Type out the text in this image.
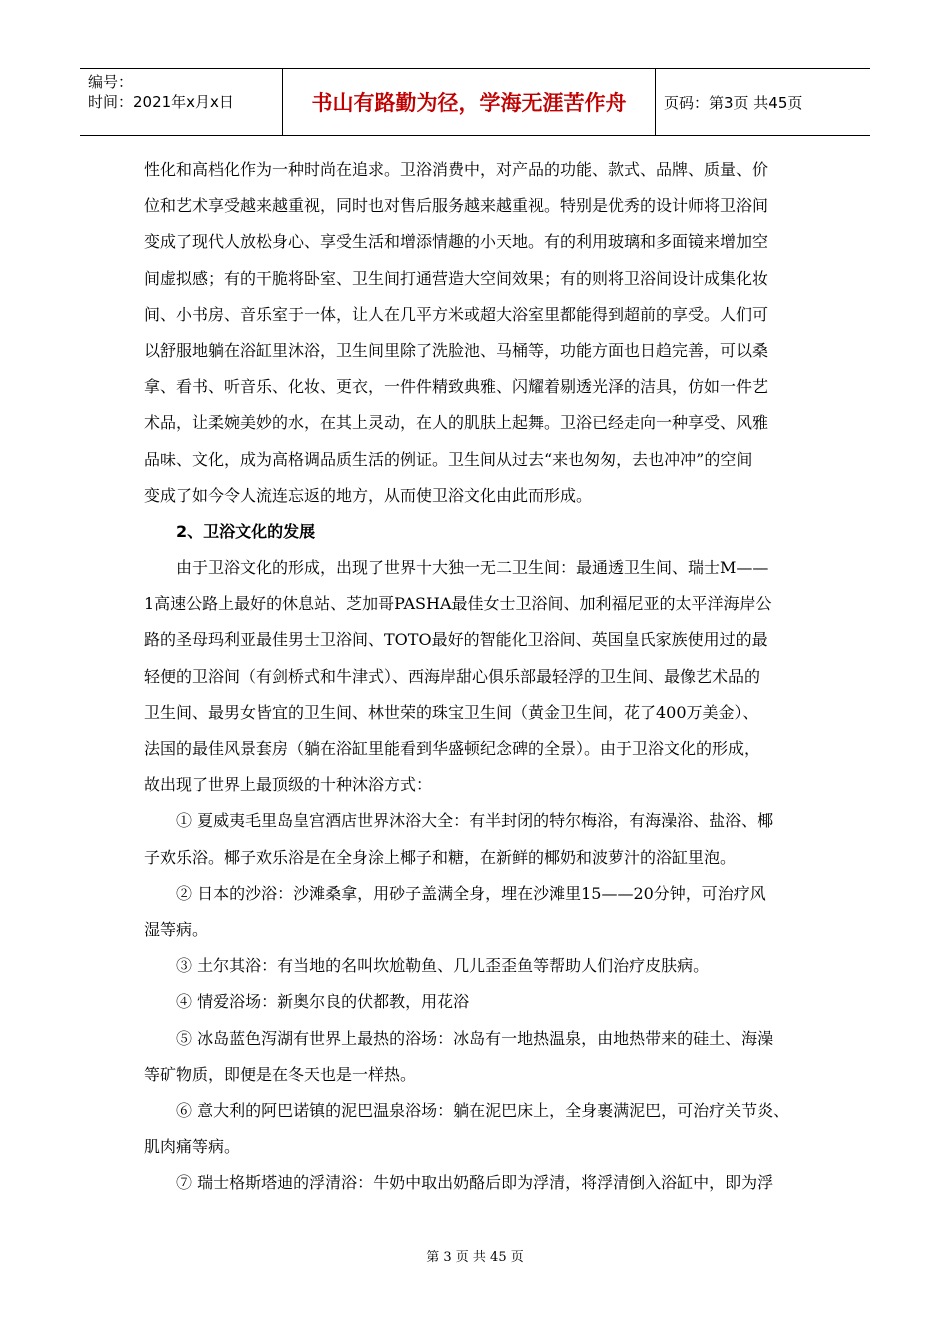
编号：
时间：2021年x月x日	书山有路勤为径，学海无涯苦作舟	页码：第3页 共45页
性化和高档化作为一种时尚在追求。卫浴消费中，对产品的功能、款式、品牌、质量、价
位和艺术享受越来越重视，同时也对售后服务越来越重视。特别是优秀的设计师将卫浴间
变成了现代人放松身心、享受生活和增添情趣的小天地。有的利用玻璃和多面镜来增加空
间虚拟感；有的干脆将卧室、卫生间打通营造大空间效果；有的则将卫浴间设计成集化妆
间、小书房、音乐室于一体，让人在几平方米或超大浴室里都能得到超前的享受。人们可
以舒服地躺在浴缸里沐浴，卫生间里除了洗脸池、马桶等，功能方面也日趋完善，可以桑
拿、看书、听音乐、化妆、更衣，一件件精致典雅、闪耀着剔透光泽的洁具，仿如一件艺
术品，让柔婉美妙的水，在其上灵动，在人的肌肤上起舞。卫浴已经走向一种享受、风雅
品味、文化，成为高格调品质生活的例证。卫生间从过去“来也匆匆，去也冲冲”的空间
变成了如今令人流连忘返的地方，从而使卫浴文化由此而形成。
2、卫浴文化的发展
由于卫浴文化的形成，出现了世界十大独一无二卫生间：最通透卫生间、瑞士M——
1高速公路上最好的休息站、芝加哥PASHA最佳女士卫浴间、加利福尼亚的太平洋海岸公
路的圣母玛利亚最佳男士卫浴间、TOTO最好的智能化卫浴间、英国皇氏家族使用过的最
轻便的卫浴间（有剑桥式和牛津式）、西海岸甜心俱乐部最轻浮的卫生间、最像艺术品的
卫生间、最男女皆宜的卫生间、林世荣的珠宝卫生间（黄金卫生间，花了400万美金）、
法国的最佳风景套房（躺在浴缸里能看到华盛顿纪念碑的全景）。由于卫浴文化的形成，
故出现了世界上最顶级的十种沐浴方式：
① 夏威夷毛里岛皇宫酒店世界沐浴大全：有半封闭的特尔梅浴，有海澡浴、盐浴、椰
子欢乐浴。椰子欢乐浴是在全身涂上椰子和糖，在新鲜的椰奶和波萝汁的浴缸里泡。
② 日本的沙浴：沙滩桑拿，用砂子盖满全身，埋在沙滩里15——20分钟，可治疗风
湿等病。
③ 土尔其浴：有当地的名叫坎尬勒鱼、几儿歪歪鱼等帮助人们治疗皮肤病。
④ 情爱浴场：新奥尔良的伏都教，用花浴
⑤ 冰岛蓝色泻湖有世界上最热的浴场：冰岛有一地热温泉，由地热带来的硅土、海澡
等矿物质，即便是在冬天也是一样热。
⑥ 意大利的阿巴诺镇的泥巴温泉浴场：躺在泥巴床上，全身裹满泥巴，可治疗关节炎、
肌肉痛等病。
⑦ 瑞士格斯塔迪的浮清浴：牛奶中取出奶酪后即为浮清，将浮清倒入浴缸中，即为浮
第 3 页 共 45 页
